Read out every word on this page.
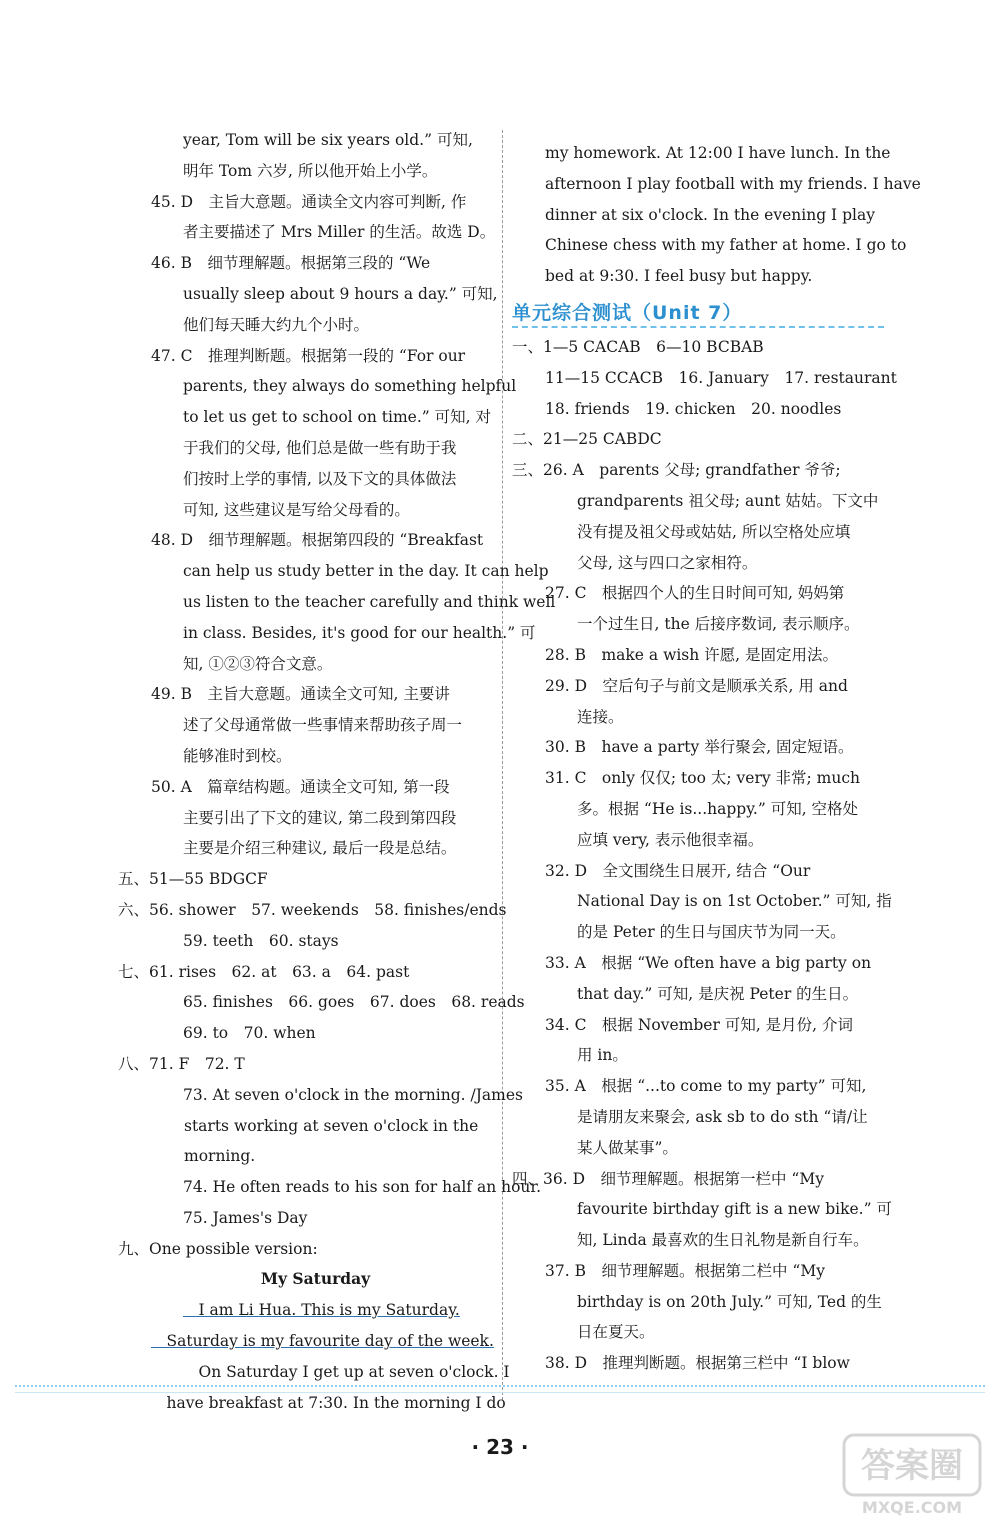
year, Tom will be six years old.” 可知,
明年 Tom 六岁, 所以他开始上小学。
45. D　主旨大意题。通读全文内容可判断, 作
者主要描述了 Mrs Miller 的生活。故选 D。
46. B　细节理解题。根据第三段的 “We
usually sleep about 9 hours a day.” 可知,
他们每天睡大约九个小时。
47. C　推理判断题。根据第一段的 “For our
parents, they always do something helpful
to let us get to school on time.” 可知, 对
于我们的父母, 他们总是做一些有助于我
们按时上学的事情, 以及下文的具体做法
可知, 这些建议是写给父母看的。
48. D　细节理解题。根据第四段的 “Breakfast
can help us study better in the day. It can help
us listen to the teacher carefully and think well
in class. Besides, it's good for our health.” 可
知, ①②③符合文意。
49. B　主旨大意题。通读全文可知, 主要讲
述了父母通常做一些事情来帮助孩子周一
能够准时到校。
50. A　篇章结构题。通读全文可知, 第一段
主要引出了下文的建议, 第二段到第四段
主要是介绍三种建议, 最后一段是总结。
五、51—55 BDGCF
六、56. shower　57. weekends　58. finishes/ends
59. teeth　60. stays
七、61. rises　62. at　63. a　64. past
65. finishes　66. goes　67. does　68. reads
69. to　70. when
八、71. F　72. T
73. At seven o'clock in the morning. /James
starts working at seven o'clock in the
morning.
74. He often reads to his son for half an hour.
75. James's Day
九、One possible version:
My Saturday
　I am Li Hua. This is my Saturday.
　Saturday is my favourite day of the week.
　On Saturday I get up at seven o'clock. I
　have breakfast at 7:30. In the morning I do
my homework. At 12:00 I have lunch. In the
afternoon I play football with my friends. I have
dinner at six o'clock. In the evening I play
Chinese chess with my father at home. I go to
bed at 9:30. I feel busy but happy.
单元综合测试（Unit 7）
一、1—5 CACAB　6—10 BCBAB
11—15 CCACB　16. January　17. restaurant
18. friends　19. chicken　20. noodles
二、21—25 CABDC
三、26. A　parents 父母; grandfather 爷爷;
grandparents 祖父母; aunt 姑姑。下文中
没有提及祖父母或姑姑, 所以空格处应填
父母, 这与四口之家相符。
27. C　根据四个人的生日时间可知, 妈妈第
一个过生日, the 后接序数词, 表示顺序。
28. B　make a wish 许愿, 是固定用法。
29. D　空后句子与前文是顺承关系, 用 and
连接。
30. B　have a party 举行聚会, 固定短语。
31. C　only 仅仅; too 太; very 非常; much
多。根据 “He is...happy.” 可知, 空格处
应填 very, 表示他很幸福。
32. D　全文围绕生日展开, 结合 “Our
National Day is on 1st October.” 可知, 指
的是 Peter 的生日与国庆节为同一天。
33. A　根据 “We often have a big party on
that day.” 可知, 是庆祝 Peter 的生日。
34. C　根据 November 可知, 是月份, 介词
用 in。
35. A　根据 “...to come to my party” 可知,
是请朋友来聚会, ask sb to do sth “请/让
某人做某事”。
四、36. D　细节理解题。根据第一栏中 “My
favourite birthday gift is a new bike.” 可
知, Linda 最喜欢的生日礼物是新自行车。
37. B　细节理解题。根据第二栏中 “My
birthday is on 20th July.” 可知, Ted 的生
日在夏天。
38. D　推理判断题。根据第三栏中 “I blow
· 23 ·	答案圈
MXQE.COM
